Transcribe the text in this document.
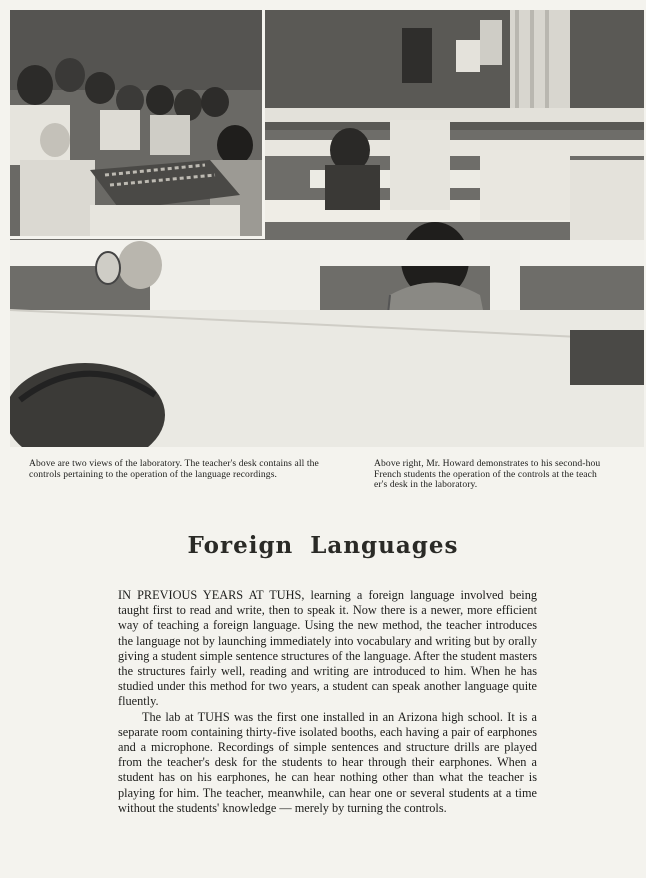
Above are two views of the laboratory. The teacher's desk contains all the controls pertaining to the operation of the language recordings.
Above right, Mr. Howard demonstrates to his second-hou
French students the operation of the controls at the teach
er's desk in the laboratory.
Foreign Languages

IN PREVIOUS YEARS AT TUHS, learning a foreign language involved being taught first to read and write, then to speak it. Now there is a newer, more efficient way of teaching a foreign language. Using the new method, the teacher introduces the language not by launching immediately into vocabulary and writing but by orally giving a student simple sentence structures of the language. After the student masters the structures fairly well, reading and writing are introduced to him. When he has studied under this method for two years, a student can speak another language quite fluently.

The lab at TUHS was the first one installed in an Arizona high school. It is a separate room containing thirty-five isolated booths, each having a pair of earphones and a microphone. Recordings of simple sentences and structure drills are played from the teacher's desk for the students to hear through their earphones. When a student has on his earphones, he can hear nothing other than what the teacher is playing for him. The teacher, meanwhile, can hear one or several students at a time without the students' knowledge — merely by turning the controls.
